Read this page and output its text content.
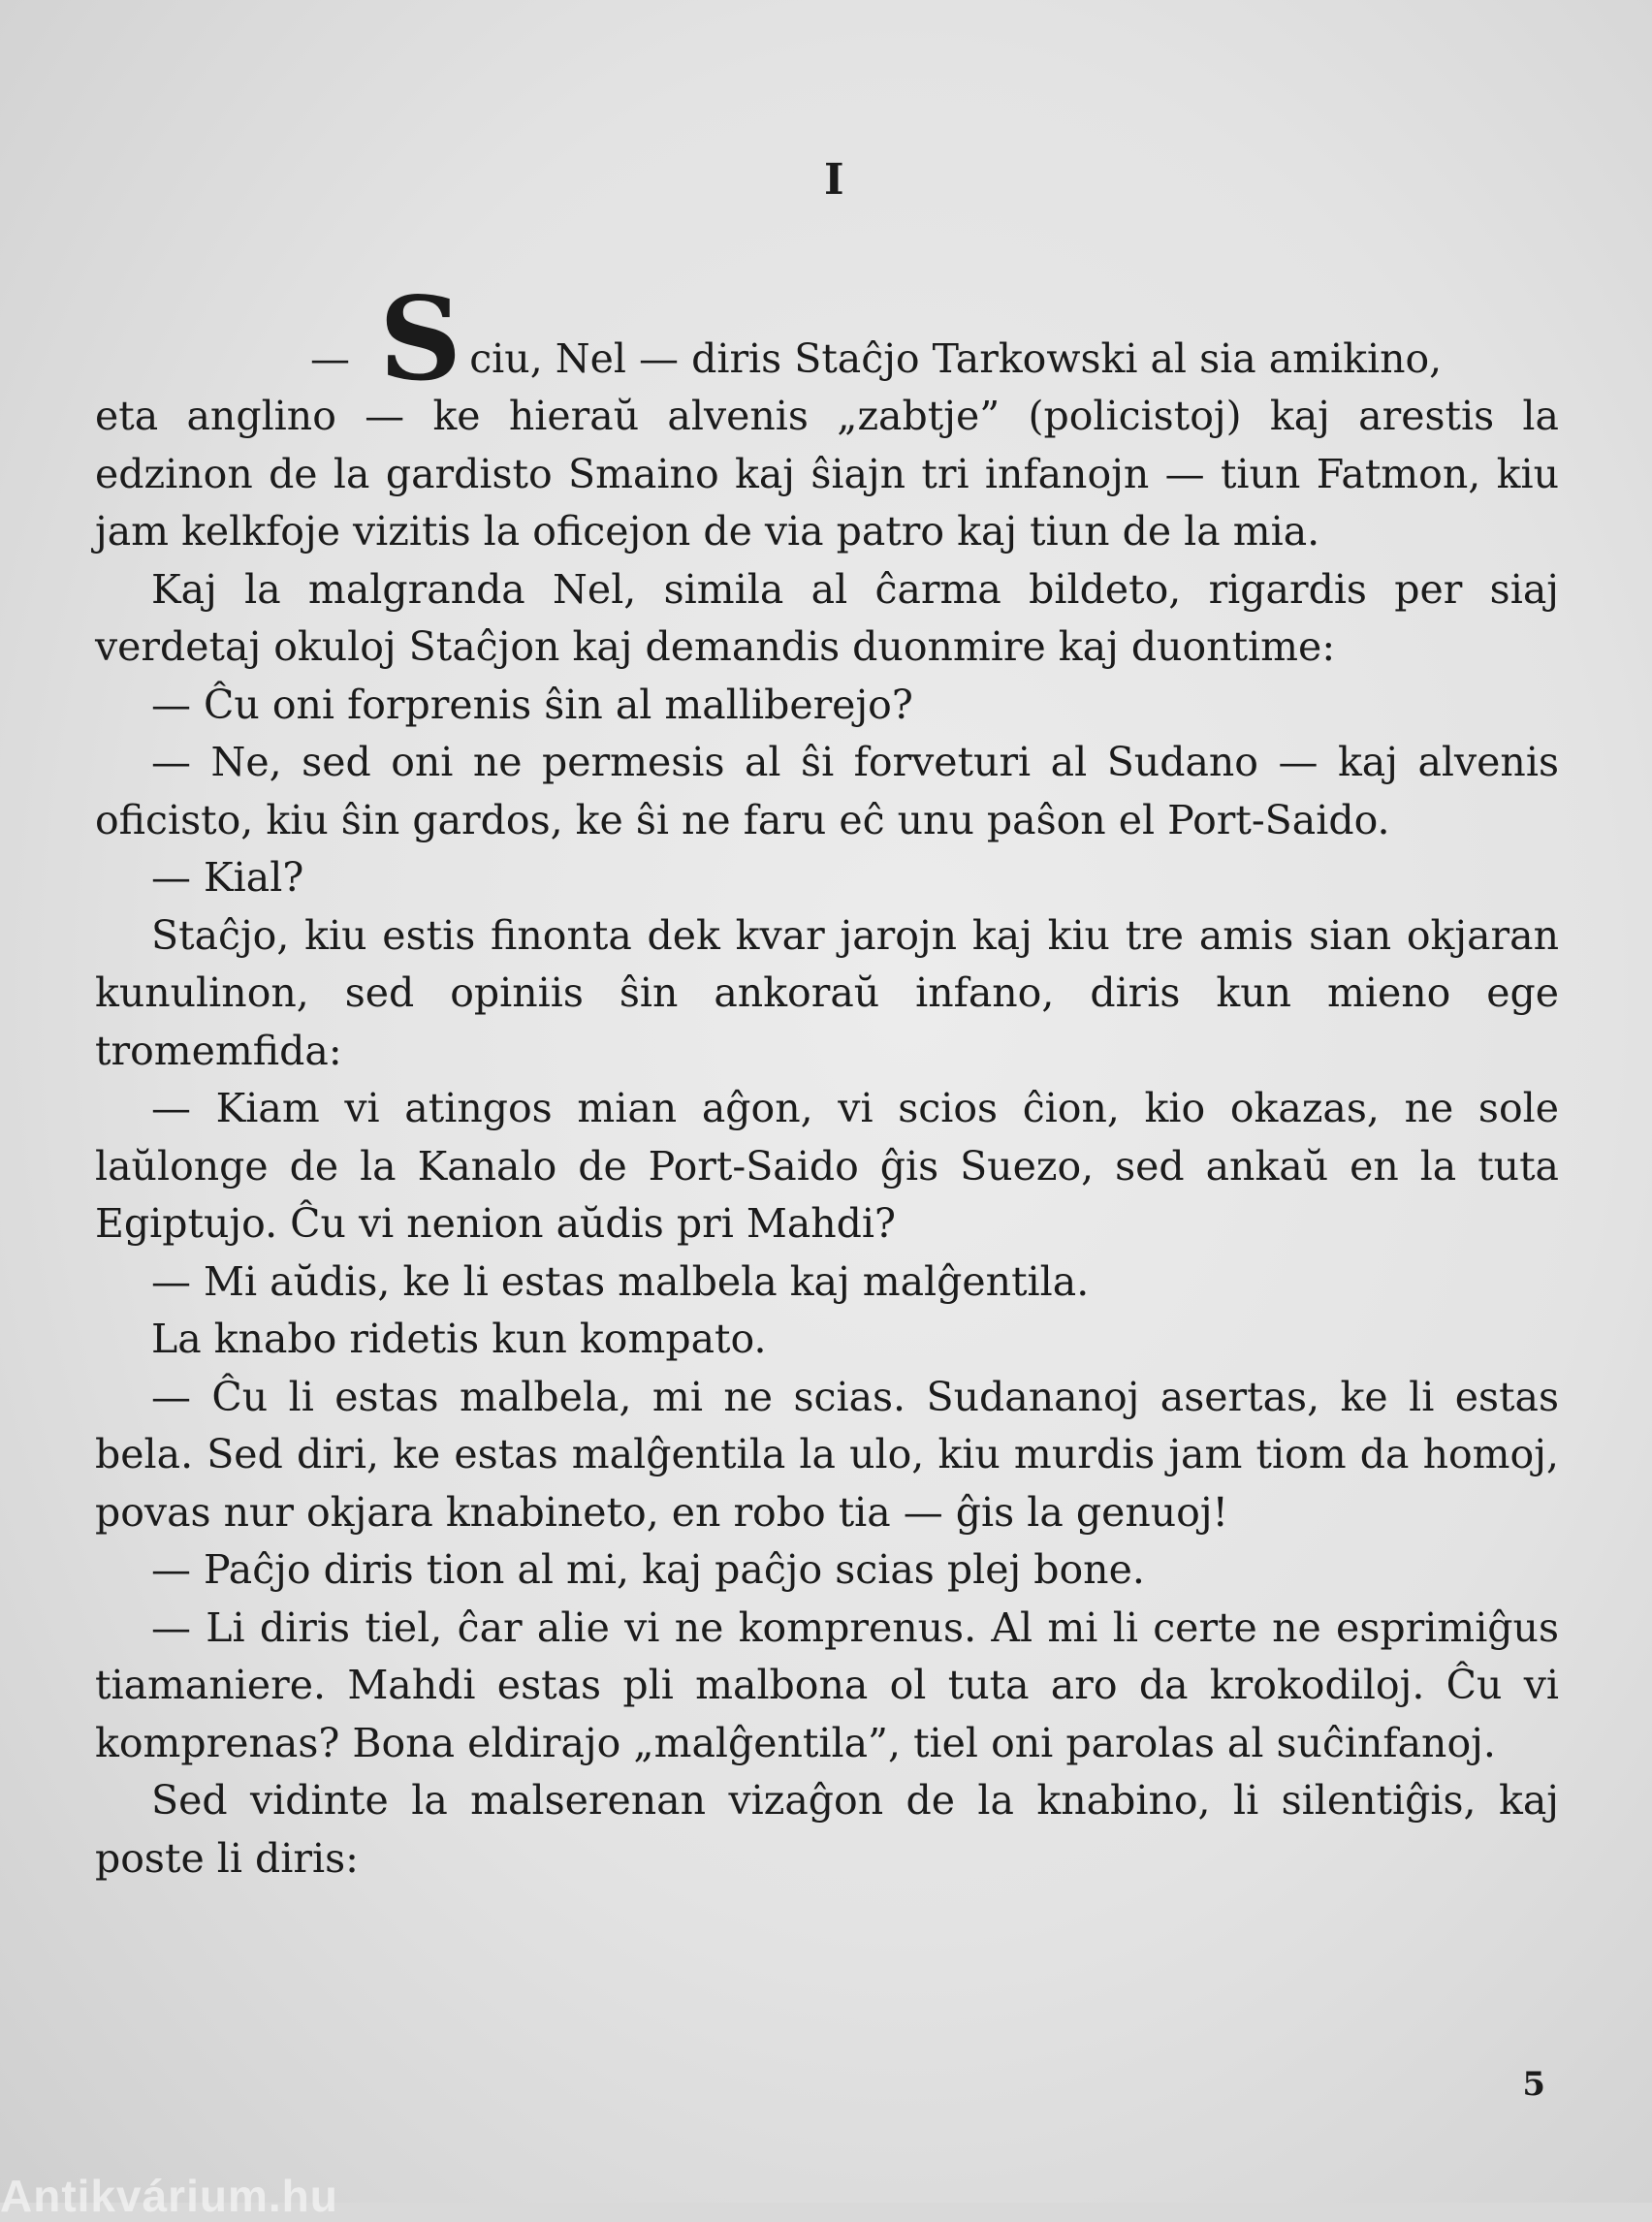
I
— S ciu, Nel — diris Staĉjo Tarkowski al sia amikino,

eta anglino — ke hieraŭ alvenis „zabtje” (policistoj) kaj arestis la edzinon de la gardisto Smaino kaj ŝiajn tri infanojn — tiun Fatmon, kiu jam kelkfoje vizitis la oficejon de via patro kaj tiun de la mia.

Kaj la malgranda Nel, simila al ĉarma bildeto, rigardis per siaj verdetaj okuloj Staĉjon kaj demandis duonmire kaj duontime:

— Ĉu oni forprenis ŝin al malliberejo?

— Ne, sed oni ne permesis al ŝi forveturi al Sudano — kaj alvenis oficisto, kiu ŝin gardos, ke ŝi ne faru eĉ unu paŝon el Port-Saido.

— Kial?

Staĉjo, kiu estis finonta dek kvar jarojn kaj kiu tre amis sian okjaran kunulinon, sed opiniis ŝin ankoraŭ infano, diris kun mieno ege tromemfida:

— Kiam vi atingos mian aĝon, vi scios ĉion, kio okazas, ne sole laŭlonge de la Kanalo de Port-Saido ĝis Suezo, sed ankaŭ en la tuta Egiptujo. Ĉu vi nenion aŭdis pri Mahdi?

— Mi aŭdis, ke li estas malbela kaj malĝentila.

La knabo ridetis kun kompato.

— Ĉu li estas malbela, mi ne scias. Sudananoj asertas, ke li estas bela. Sed diri, ke estas malĝentila la ulo, kiu murdis jam tiom da homoj, povas nur okjara knabineto, en robo tia — ĝis la genuoj!

— Paĉjo diris tion al mi, kaj paĉjo scias plej bone.

— Li diris tiel, ĉar alie vi ne komprenus. Al mi li certe ne esprimiĝus tiamaniere. Mahdi estas pli malbona ol tuta aro da krokodiloj. Ĉu vi komprenas? Bona eldirajo „malĝentila”, tiel oni parolas al suĉinfanoj.

Sed vidinte la malserenan vizaĝon de la knabino, li silentiĝis, kaj poste li diris:

5
Antikvárium.hu
